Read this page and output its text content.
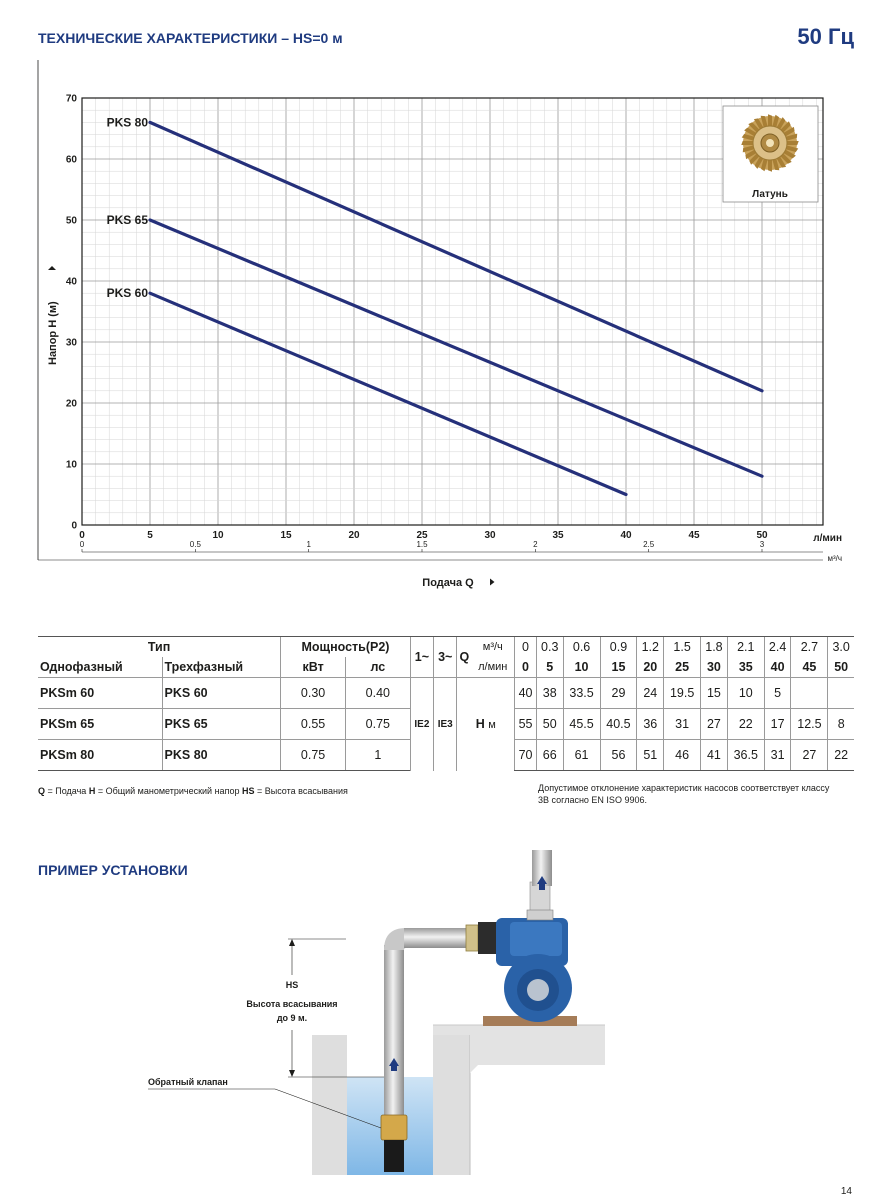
ТЕХНИЧЕСКИЕ ХАРАКТЕРИСТИКИ – HS=0 м	50 Гц
0
10
20
30
40
50
60
70
0	5	10	15	20	25	30	35	40	45	50
0	0.5	1	1.5	2	2.5	3
PKS 80
PKS 65
PKS 60
Латунь
Напор H (м)
Подача Q
л/мин
м³/ч
Тип		Мощность(P2)		1~	3~	Q	м³/ч	0	0.3	0.6	0.9	1.2	1.5	1.8	2.1	2.4	2.7	3.0
Однофазный	Трехфазный	кВт	лс				л/мин	0	5	10	15	20	25	30	35	40	45	50
PKSm 60	PKS 60	0.30	0.40	IE2	IE3	H м		40	38	33.5	29	24	19.5	15	10	5		
PKSm 65	PKS 65	0.55	0.75					55	50	45.5	40.5	36	31	27	22	17	12.5	8
PKSm 80	PKS 80	0.75	1					70	66	61	56	51	46	41	36.5	31	27	22
Q = Подача H = Общий манометрический напор HS = Высота всасывания	Допустимое отклонение характеристик насосов соответствует классу
3B согласно EN ISO 9906.
ПРИМЕР УСТАНОВКИ
HS
Высота всасывания
до 9 м.
Обратный клапан
14
